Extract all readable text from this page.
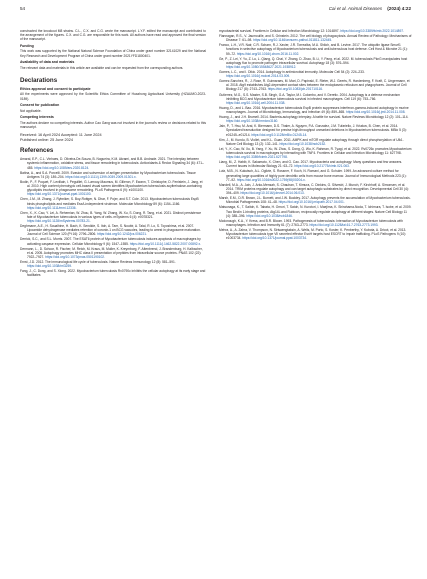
54	Cai et al. Animal Diseases (2024) 4:22

constructed the knockout M8 strains. C.L., C.X. and C.G. wrote the manuscript. L.Y.F. edited the manuscript and contributed to the arrangement of the figures. C.X. and C.G. are responsible for this work. All authors have read and approved the final version of the manuscript.

Funding

This work was supported by the National Natural Science Foundation of China under grant number 32141029 and the National Key Research and Development Program of China under grant number 2021YFD1800401.

Availability of data and materials

The relevant data and materials in this article are available and can be requested from the corresponding authors.

Declarations
Ethics approval and consent to participate

All the experiments were approved by the Scientific Ethics Committee of Huazhong Agricultural University (HZAUMO-2023-0189).

Consent for publication

Not applicable.

Competing interests

The authors declare no competing interests. Author Cao Gang was not involved in the journal's review or decisions related to this manuscript.

Received: 16 April 2024 Accepted: 11 June 2024
Published online: 25 June 2024
References

Amaral, E.P., C.L. Vinhaes, D. Oliveira-De-Souza, B. Nogueira, K.M. Akrami, and B.B. Andrade. 2021. The interplay between systemic inflammation, oxidative stress, and tissue remodeling in tuberculosis. Antioxidants & Redox Signaling 34 (6): 471–485. https://doi.org/10.1089/ars.2020.8124.

Batina, A., and S.A. Porcelli. 2009. Evasion and subversion of antigen presentation by Mycobacterium tuberculosis. Tissue Antigens 74 (3): 189–204. https://doi.org/10.1111/j.1399-0039.2009.01301.x.

Bodin, P., F. Poquet, F. Levillain, I. Peguillet, G. Larrouy-Maumus, M. Gilleron, F. Ewann, T. Christophe, D. Fenistein, J. Jang, et al. 2010. High content phenotypic cell-based visual screen identifies Mycobacterium tuberculosis acyltrehalose-containing glycolipids involved in phagosome remodeling. PLoS Pathogens 6 (9): e1001100. https://doi.org/10.1371/journal.ppat.1001100.

Chen, J.M., M. Zhang, J. Rybniker, S. Boy-Rottger, N. Dhar, F. Pojer, and S.T. Cole. 2013. Mycobacterium tuberculosis EspB binds phospholipids and mediates EsxA-independent virulence. Molecular Microbiology 89 (6): 1154–1166. https://doi.org/10.1111/mmi.12336.

Chen, X., K. Cao, Y. Lei, A. Rehemian, W. Zhou, B. Yang, W. Zhang, W. Xu, S. Dong, R. Tang, et al. 2021. Distinct persistence fate of Mycobacterium tuberculosis in various types of cells. mSystems 6 (4): e0078321. https://doi.org/10.1128/mSystems.00783-21.

Deghmane, A.E., H. Soualhine, H. Bach, K. Sendide, S. Itoh, A. Tam, S. Noubir, A. Talal, R. Lo, S. Toyoshima, et al. 2007. Lipoamide dehydrogenase mediates retention of coronin-1 on BCG vacuoles, leading to arrest in phagosome maturation. Journal of Cell Science 120 (Pt 16): 2796–2806. https://doi.org/10.1242/jcs.006221.

Derrick, S.C., and S.L. Morris. 2007. The ESAT6 protein of Mycobacterium tuberculosis induces apoptosis of macrophages by activating caspase expression. Cellular Microbiology 9 (6): 1547–1555. https://doi.org/10.1111/j.1462-5822.2007.00892.x.

Dermann, L., D. Schoor, R. Fischer, M. Reich, M. Kraus, M. Muller, K. Kreymborg, F. Altenbrend, J. Brandenburg, H. Kalbacher, et al. 2005. Autophagy promotes MHC class II presentation of peptides from intracellular source proteins. PNAS 102 (22): 7922–7927. https://doi.org/10.1073/pnas.0501190102.

Ernst, J.D. 2012. The immunological life cycle of tuberculosis. Nature Reviews Immunology 12 (8): 581–591. https://doi.org/10.1038/nri3259.

Fang, J., C. Dong, and S. Xiong. 2022. Mycobacterium tuberculosis Rv0790c inhibits the cellular autophagy at its early stage and facilitates

mycobacterial survival. Frontiers in Cellular and Infection Microbiology 12: 1014897. https://doi.org/10.3389/fcimb.2022.1014897.

Flannagan, R.S., V. Jaumouille, and S. Grinstein. 2012. The cell biology of phagocytosis. Annual Review of Pathology: Mechanisms of Disease 7: 61–98. https://doi.org/10.1146/annurev-pathol-011811-132445.

Franco, L.H., V.R. Nair, C.R. Scharn, R.J. Xavier, J.R. Torrealba, M.U. Shiloh, and B. Levine. 2017. The ubiquitin ligase Smurf1 functions in selective autophagy of Mycobacterium tuberculosis and anti-tuberculous host defense. Cell Host & Microbe 21 (1): 59–72. https://doi.org/10.1016/j.chom.2016.11.002.

Ge, P., Z. Lei, Y. Yu, Z. Lu, L. Qiang, Q. Chai, Y. Zhang, D. Zhao, B. Li, Y. Pang, et al. 2022. M. tuberculosis PknG manipulates host autophagy flux to promote pathogen intracellular survival. Autophagy 18 (3): 576–594. https://doi.org/10.1080/15548627.2021.1938912.

Gomes, L.C., and I. Dikic. 2014. Autophagy in antimicrobial immunity. Molecular Cell 54 (2): 224–233. https://doi.org/10.1016/j.molcel.2014.03.009.

Gomez-Sanchez, R., J. Rose, R. Guimaraes, M. Mari, D. Papinski, E. Rieter, W.J. Geerts, R. Hardenberg, F. Kraft, C. Ungermann, et al. 2018. Atg9 establishes Atg2-dependent contact sites between the endoplasmic reticulum and phagophores. Journal of Cell Biology 217 (8): 2743–2763. https://doi.org/10.1083/jcb.201710116.

Gutierrez, M.G., S.S. Master, S.B. Singh, G.A. Taylor, M.I. Colombo, and V. Deretic. 2004. Autophagy is a defense mechanism inhibiting BCG and Mycobacterium tuberculosis survival in infected macrophages. Cell 119 (6): 753–766. https://doi.org/10.1016/j.cell.2004.11.038.

Huang, D., and L. Bao. 2016. Mycobacterium tuberculosis EspB protein suppresses interferon-gamma-induced autophagy in murine macrophages. Journal of Microbiology, Immunology, and Infection 49 (6): 859–865. https://doi.org/10.1016/j.jmii.2014.11.008.

Huang, J., and J.H. Brumell. 2014. Bacteria-autophagy interplay: A battle for survival. Nature Reviews Microbiology 12 (2): 101–114. https://doi.org/10.1038/nrmicro3160.

Jain, P., T. Hsu, M. Arai, K. Biermann, D.S. Thaler, A. Nguyen, P.A. Gonzalez, J.M. Tufariello, J. Kriakov, B. Chen, et al. 2014. Specialized transduction designed for precise high-throughput unmarked deletions in Mycobacterium tuberculosis. MBio 5 (3): e01245–e01214. https://doi.org/10.1128/mBio.01245-14.

Kim, J., M. Kundu, B. Viollet, and K.L. Guan. 2011. AMPK and mTOR regulate autophagy through direct phosphorylation of Ulk1. Nature Cell Biology 13 (2): 132–141. https://doi.org/10.1038/ncb2152.

Lei, Y., K. Cao, W. Xu, B. Yang, Y. Xu, W. Zhou, S. Dong, Q. Wu, K. Rahman, R. Tyagi, et al. 2022. Rv0726c promotes Mycobacterium tuberculosis survival in macrophages by interacting with TNF4. Frontiers in Cellular and Infection Microbiology 11: 627798. https://doi.org/10.3389/fcimb.2021.627798.

Liang, M., Z. Habib, K. Sakamoto, X. Chen, and G. Cao. 2017. Mycobacteria and autophagy: Many questions and few answers. Current Issues in Molecular Biology 21: 63–72. https://doi.org/10.21775/cimb.021.063.

Lutz, M.B., N. Kukutsch, A.L. Ogilvie, S. Rossner, F. Koch, N. Romani, and G. Schuler. 1999. An advanced culture method for generating large quantities of highly pure dendritic cells from mouse bone marrow. Journal of Immunological Methods 223 (1): 77–92. https://doi.org/10.1016/s0022-1759(98)00204-x.

Mandell, M.A., A. Jain, J. Arko-Mensah, S. Chauhan, T. Kimura, C. Dinkins, G. Silvestri, J. Munch, F. Kirchhoff, A. Simonsen, et al. 2014. TRIM proteins regulate autophagy and can target autophagic substrates by direct recognition. Developmental Cell 30 (4): 394–409. https://doi.org/10.1016/j.devcel.2014.06.013.

Marsh, E.M., D.R. Brown, J.L. Burnett, and J.W. Buckley. 2017. Autophagy prevents the accumulation of Mycobacterium tuberculosis. Microbial Pathogenesis 108: 41–48. https://doi.org/10.1016/j.micpath.2017.04.001.

Matsunaga, K., T. Saitoh, K. Tabata, H. Omori, T. Satoh, N. Kurotori, I. Maejima, K. Shirahama-Noda, T. Ichimura, T. Isobe, et al. 2009. Two Beclin 1-binding proteins, Atg14L and Rubicon, reciprocally regulate autophagy at different stages. Nature Cell Biology 11 (4): 385–396. https://doi.org/10.1038/ncb1846.

Mcdonough, K.A., Y. Kress, and B.R. Bloom. 1993. Pathogenesis of tuberculosis: Interaction of Mycobacterium tuberculosis with macrophages. Infection and Immunity 61 (7): 2763–2773. https://doi.org/10.1128/iai.61.7.2763-2773.1993.

Mehra, A., A. Zahra, V. Thompson, N. Sirisaengtaksin, A. Wells, M. Porto, S. Koster, K. Penberthy, Y. Kubota, A. Dricot, et al. 2013. Mycobacterium tuberculosis type VII secreted effector EsxH targets host ESCRT to impair trafficking. PLoS Pathogens 9 (10): e1003734. https://doi.org/10.1371/journal.ppat.1003734.
